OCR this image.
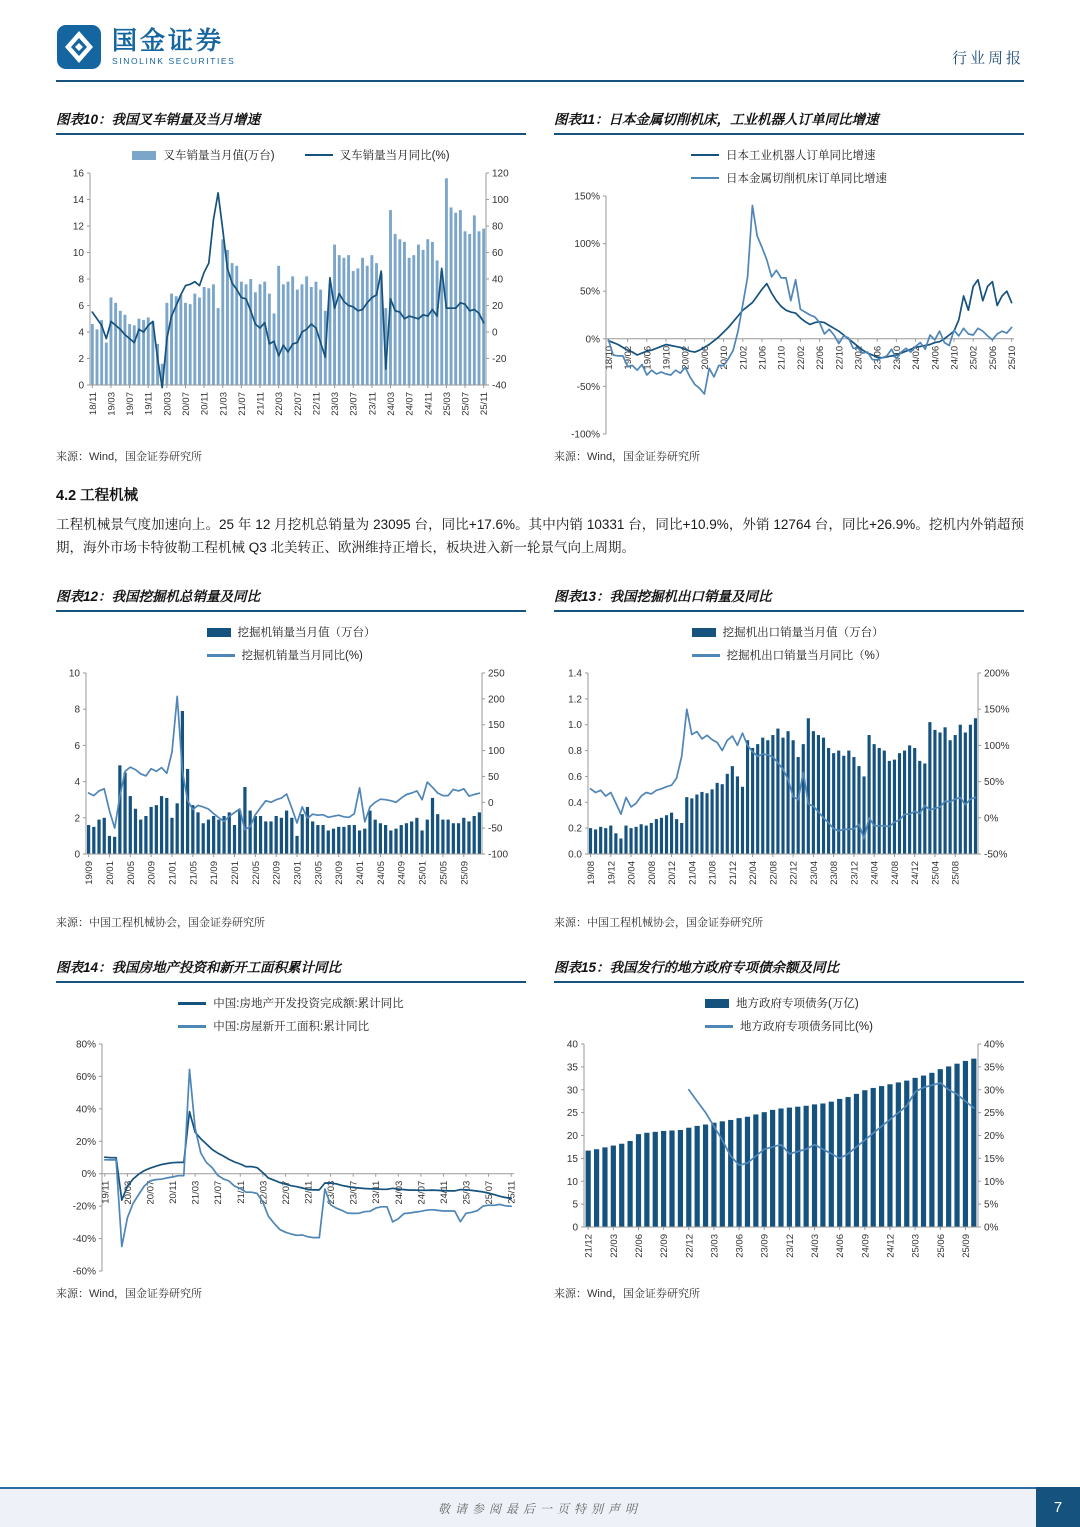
国金证券
SINOLINK SECURITIES	行业周报
图表10：我国叉车销量及当月增速
叉车销量当月值(万台)	叉车销量当月同比(%)
0
2
4
6
8
10
12
14
16
-40
-20
0
20
40
60
80
100
120
18/11 19/03 19/07 19/11 20/03 20/07 20/11 21/03 21/07 21/11 22/03 22/07 22/11 23/03 23/07 23/11 24/03 24/07 24/11 25/03 25/07 25/11
来源：Wind，国金证券研究所
图表11：日本金属切削机床，工业机器人订单同比增速
日本工业机器人订单同比增速
日本金属切削机床订单同比增速
150%
100%
50%
0%
-50%
-100%
18/10 19/02 19/06 19/10 20/02 20/06 20/10 21/02 21/06 21/10 22/02 22/06 22/10 23/02 23/06 23/10 24/02 24/06 24/10 25/02 25/06 25/10
来源：Wind，国金证券研究所
4.2 工程机械

工程机械景气度加速向上。25 年 12 月挖机总销量为 23095 台，同比+17.6%。其中内销 10331 台，同比+10.9%，外销 12764 台，同比+26.9%。挖机内外销超预期，海外市场卡特彼勒工程机械 Q3 北美转正、欧洲维持正增长，板块进入新一轮景气向上周期。

图表12：我国挖掘机总销量及同比
挖掘机销量当月值（万台）
挖掘机销量当月同比(%)
0
2
4
6
8
10
-100
-50
0
50
100
150
200
250
19/09 20/01 20/05 20/09 21/01 21/05 21/09 22/01 22/05 22/09 23/01 23/05 23/09 24/01 24/05 24/09 25/01 25/05 25/09
来源：中国工程机械协会，国金证券研究所
图表13：我国挖掘机出口销量及同比
挖掘机出口销量当月值（万台）
挖掘机出口销量当月同比（%）
0.0
0.2
0.4
0.6
0.8
1.0
1.2
1.4
-50%
0%
50%
100%
150%
200%
19/08 19/12 20/04 20/08 20/12 21/04 21/08 21/12 22/04 22/08 22/12 23/04 23/08 23/12 24/04 24/08 24/12 25/04 25/08
来源：中国工程机械协会，国金证券研究所
图表14：我国房地产投资和新开工面积累计同比
中国:房地产开发投资完成额:累计同比
中国:房屋新开工面积:累计同比
80%
60%
40%
20%
0%
-20%
-40%
-60%
19/11 20/03 20/07 20/11 21/03 21/07 21/11 22/03 22/07 22/11 23/03 23/07 23/11 24/03 24/07 24/11 25/03 25/07 25/11
来源：Wind，国金证券研究所
图表15：我国发行的地方政府专项债余额及同比
地方政府专项债务(万亿)
地方政府专项债务同比(%)
0
5
10
15
20
25
30
35
40
0%
5%
10%
15%
20%
25%
30%
35%
40%
21/12 22/03 22/06 22/09 22/12 23/03 23/06 23/09 23/12 24/03 24/06 24/09 24/12 25/03 25/06 25/09
来源：Wind，国金证券研究所
敬请参阅最后一页特别声明	7
